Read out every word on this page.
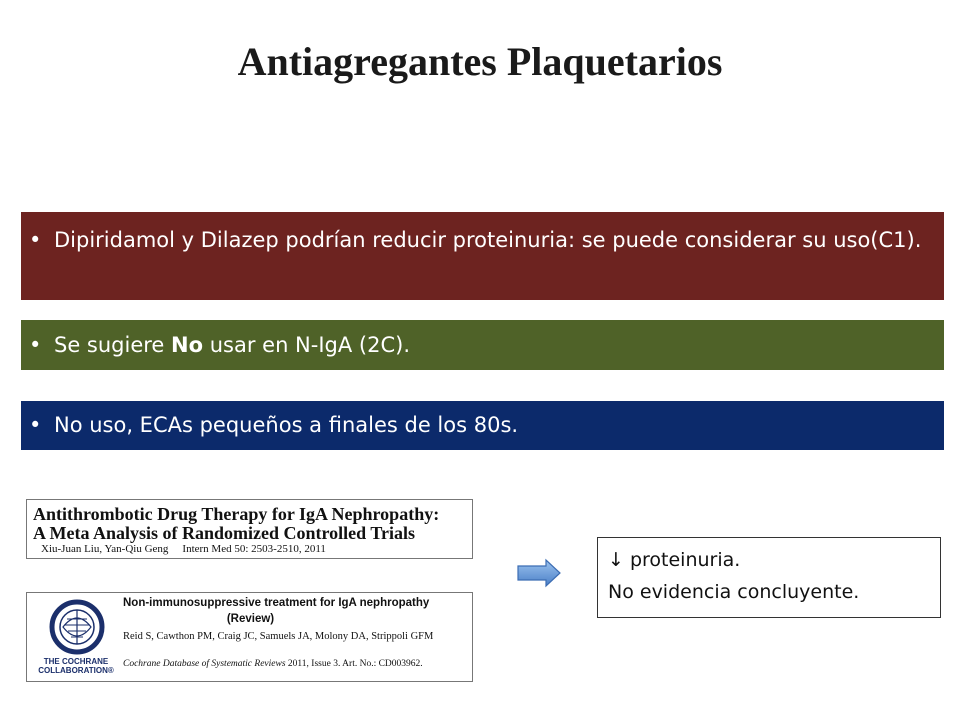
Antiagregantes Plaquetarios
• Dipiridamol y Dilazep podrían reducir proteinuria: se puede considerar su uso(C1).
• Se sugiere No usar en N-IgA (2C).
• No uso, ECAs pequeños a finales de los 80s.
Antithrombotic Drug Therapy for IgA Nephropathy:
A Meta Analysis of Randomized Controlled Trials
Xiu-Juan Liu, Yan-Qiu Geng Intern Med 50: 2503-2510, 2011
THE COCHRANE COLLABORATION®
Non-immunosuppressive treatment for IgA nephropathy
(Review)
Reid S, Cawthon PM, Craig JC, Samuels JA, Molony DA, Strippoli GFM
Cochrane Database of Systematic Reviews 2011, Issue 3. Art. No.: CD003962.
↓ proteinuria.
No evidencia concluyente.
